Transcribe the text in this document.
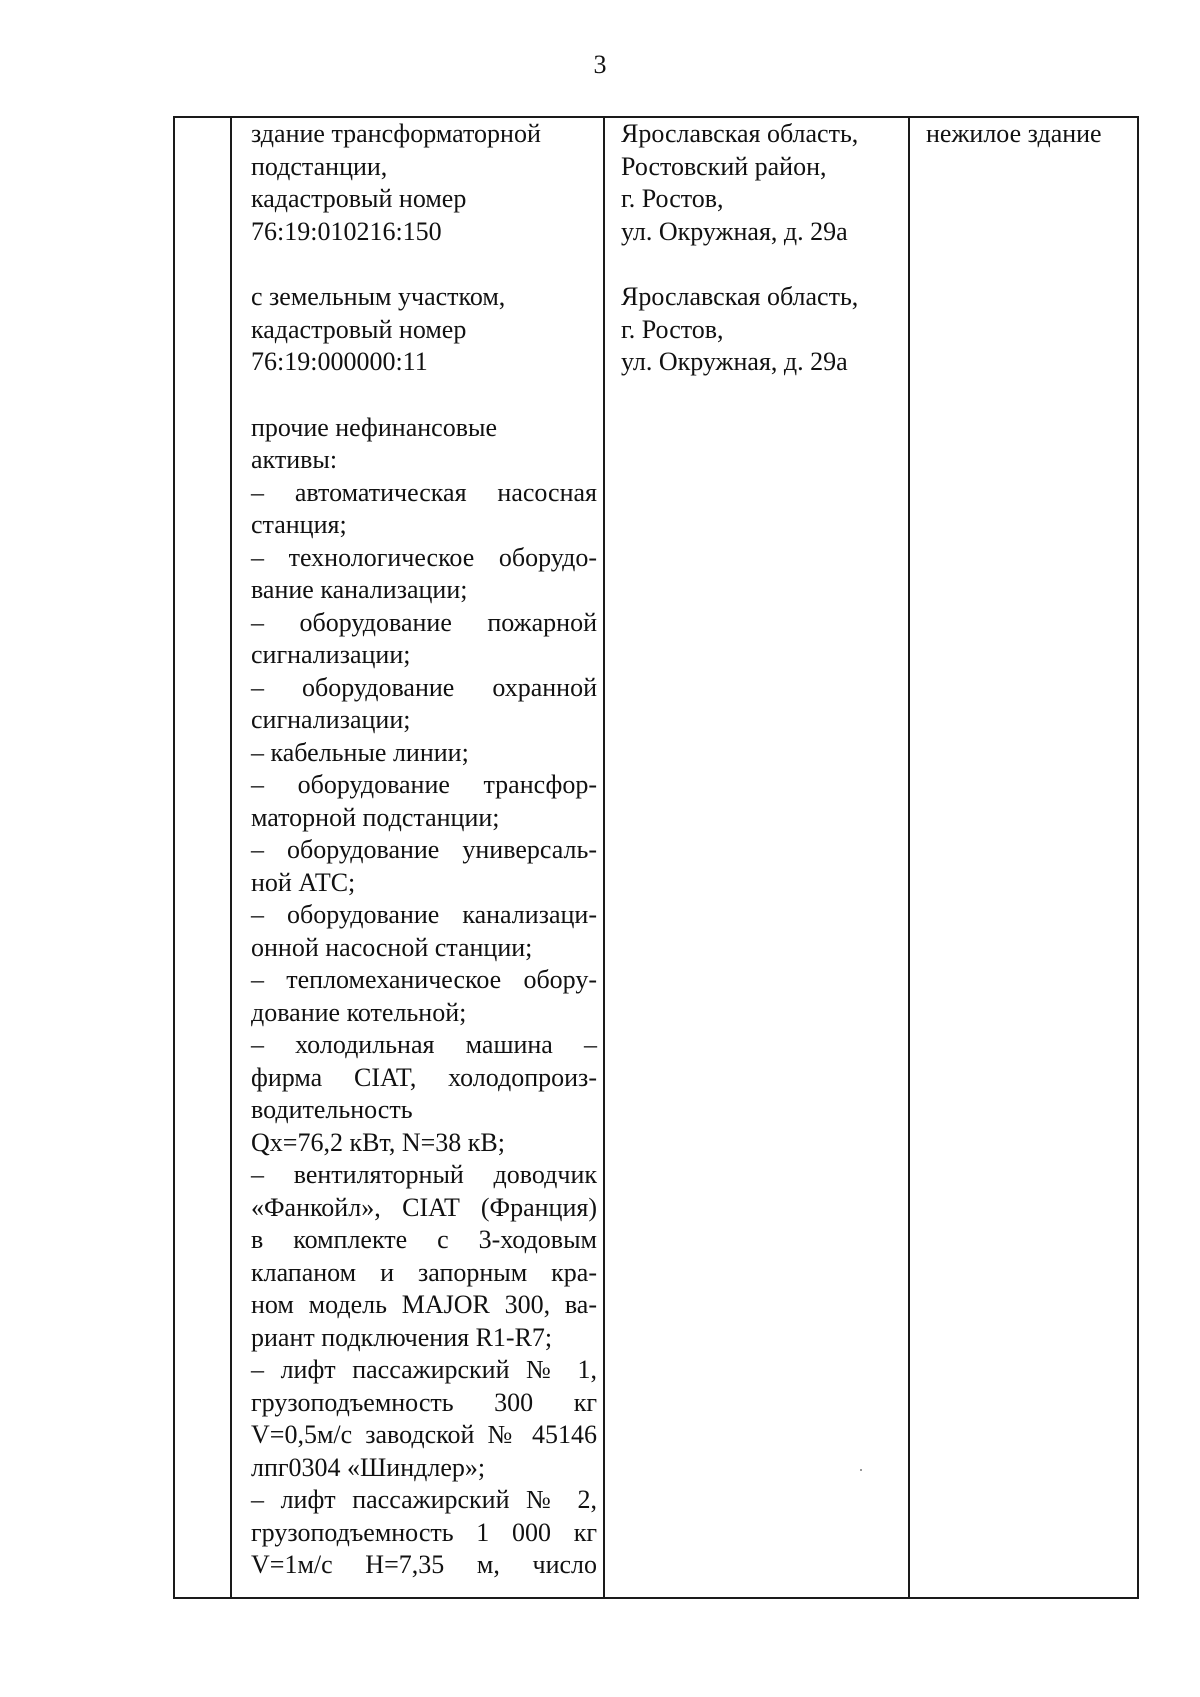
3
здание трансформаторной
подстанции,
кадастровый номер
76:19:010216:150
с земельным участком,
кадастровый номер
76:19:000000:11
прочие нефинансовые
активы:
– автоматическая насосная
станция;
– технологическое оборудо-
вание канализации;
– оборудование пожарной
сигнализации;
– оборудование охранной
сигнализации;
– кабельные линии;
– оборудование трансфор-
маторной подстанции;
– оборудование универсаль-
ной АТС;
– оборудование канализаци-
онной насосной станции;
– тепломеханическое обору-
дование котельной;
– холодильная машина –
фирма CIAT, холодопроиз-
водительность
Qx=76,2 кВт, N=38 кВ;
– вентиляторный доводчик
«Фанкойл», CIAT (Франция)
в комплекте с 3-ходовым
клапаном и запорным кра-
ном модель MAJOR 300, ва-
риант подключения R1-R7;
– лифт пассажирский № 1,
грузоподъемность 300 кг
V=0,5м/с заводской № 45146
лпг0304 «Шиндлер»;
– лифт пассажирский № 2,
грузоподъемность 1 000 кг
V=1м/с H=7,35 м, число
Ярославская область,
Ростовский район,
г. Ростов,
ул. Окружная, д. 29а
Ярославская область,
г. Ростов,
ул. Окружная, д. 29а
нежилое здание
